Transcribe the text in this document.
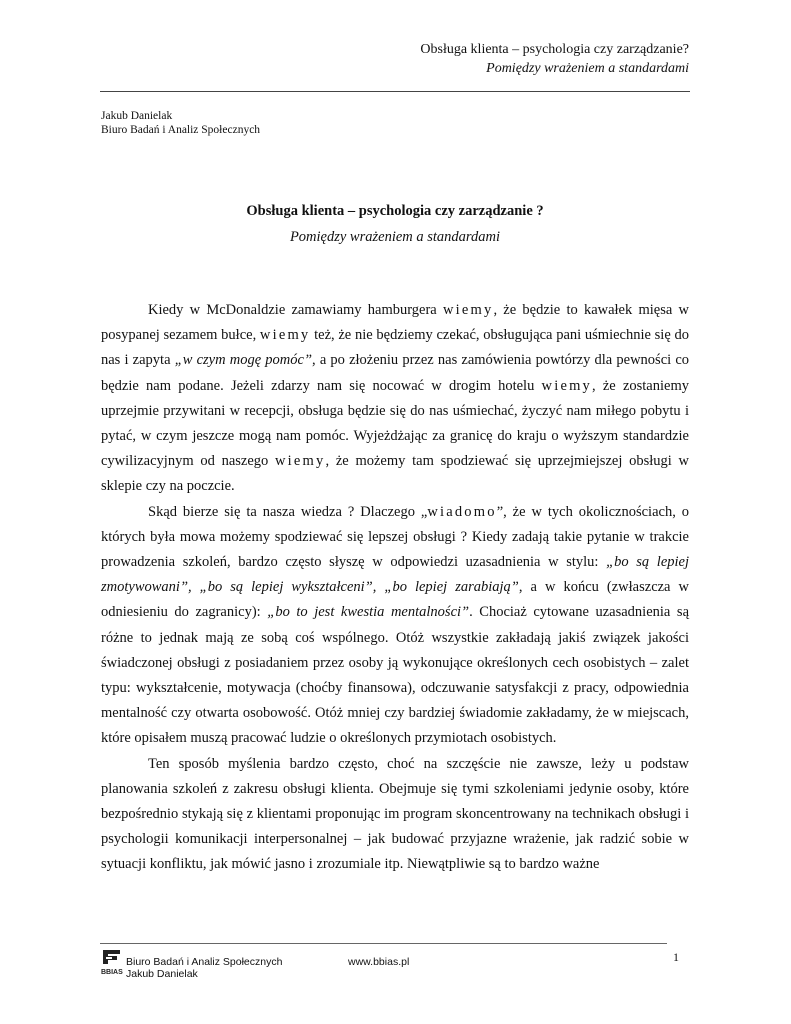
Obsługa klienta – psychologia czy zarządzanie?
Pomiędzy wrażeniem a standardami
Jakub Danielak
Biuro Badań i Analiz Społecznych
Obsługa klienta – psychologia czy zarządzanie ?
Pomiędzy wrażeniem a standardami

Kiedy w McDonaldzie zamawiamy hamburgera wiemy, że będzie to kawałek mięsa w posypanej sezamem bułce, wiemy też, że nie będziemy czekać, obsługująca pani uśmiechnie się do nas i zapyta „w czym mogę pomóc”, a po złożeniu przez nas zamówienia powtórzy dla pewności co będzie nam podane. Jeżeli zdarzy nam się nocować w drogim hotelu wiemy, że zostaniemy uprzejmie przywitani w recepcji, obsługa będzie się do nas uśmiechać, życzyć nam miłego pobytu i pytać, w czym jeszcze mogą nam pomóc. Wyjeżdżając za granicę do kraju o wyższym standardzie cywilizacyjnym od naszego wiemy, że możemy tam spodziewać się uprzejmiejszej obsługi w sklepie czy na poczcie.

Skąd bierze się ta nasza wiedza ? Dlaczego „wiadomo”, że w tych okolicznościach, o których była mowa możemy spodziewać się lepszej obsługi ? Kiedy zadają takie pytanie w trakcie prowadzenia szkoleń, bardzo często słyszę w odpowiedzi uzasadnienia w stylu: „bo są lepiej zmotywowani”, „bo są lepiej wykształceni”, „bo lepiej zarabiają”, a w końcu (zwłaszcza w odniesieniu do zagranicy): „bo to jest kwestia mentalności”. Chociaż cytowane uzasadnienia są różne to jednak mają ze sobą coś wspólnego. Otóż wszystkie zakładają jakiś związek jakości świadczonej obsługi z posiadaniem przez osoby ją wykonujące określonych cech osobistych – zalet typu: wykształcenie, motywacja (choćby finansowa), odczuwanie satysfakcji z pracy, odpowiednia mentalność czy otwarta osobowość. Otóż mniej czy bardziej świadomie zakładamy, że w miejscach, które opisałem muszą pracować ludzie o określonych przymiotach osobistych.

Ten sposób myślenia bardzo często, choć na szczęście nie zawsze, leży u podstaw planowania szkoleń z zakresu obsługi klienta. Obejmuje się tymi szkoleniami jedynie osoby, które bezpośrednio stykają się z klientami proponując im program skoncentrowany na technikach obsługi i psychologii komunikacji interpersonalnej – jak budować przyjazne wrażenie, jak radzić sobie w sytuacji konfliktu, jak mówić jasno i zrozumiale itp. Niewątpliwie są to bardzo ważne

1
BBIAS
Biuro Badań i Analiz Społecznych
Jakub Danielak
www.bbias.pl
